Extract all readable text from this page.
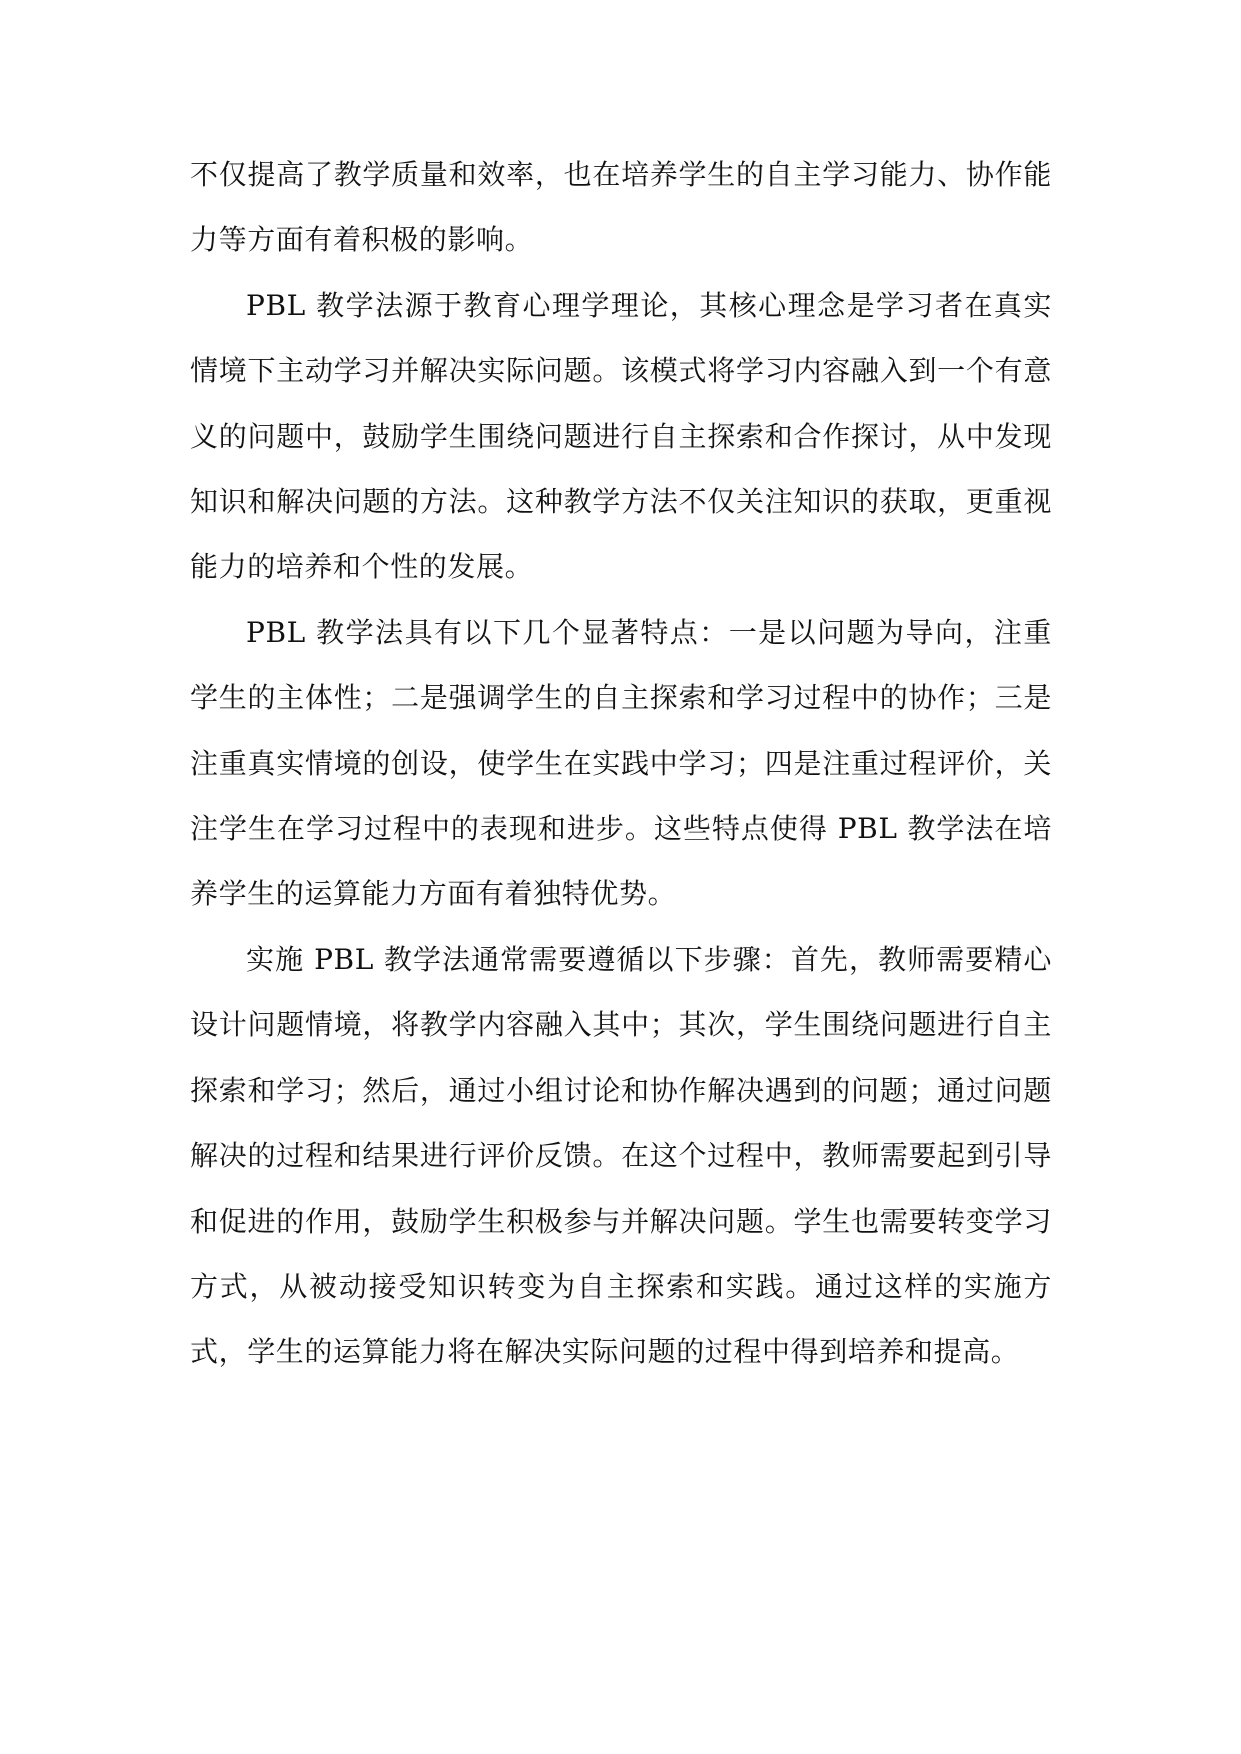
不仅提高了教学质量和效率，也在培养学生的自主学习能力、协作能力等方面有着积极的影响。

PBL 教学法源于教育心理学理论，其核心理念是学习者在真实情境下主动学习并解决实际问题。该模式将学习内容融入到一个有意义的问题中，鼓励学生围绕问题进行自主探索和合作探讨，从中发现知识和解决问题的方法。这种教学方法不仅关注知识的获取，更重视能力的培养和个性的发展。

PBL 教学法具有以下几个显著特点：一是以问题为导向，注重学生的主体性；二是强调学生的自主探索和学习过程中的协作；三是注重真实情境的创设，使学生在实践中学习；四是注重过程评价，关注学生在学习过程中的表现和进步。这些特点使得 PBL 教学法在培养学生的运算能力方面有着独特优势。

实施 PBL 教学法通常需要遵循以下步骤：首先，教师需要精心设计问题情境，将教学内容融入其中；其次，学生围绕问题进行自主探索和学习；然后，通过小组讨论和协作解决遇到的问题；通过问题解决的过程和结果进行评价反馈。在这个过程中，教师需要起到引导和促进的作用，鼓励学生积极参与并解决问题。学生也需要转变学习方式，从被动接受知识转变为自主探索和实践。通过这样的实施方式，学生的运算能力将在解决实际问题的过程中得到培养和提高。
